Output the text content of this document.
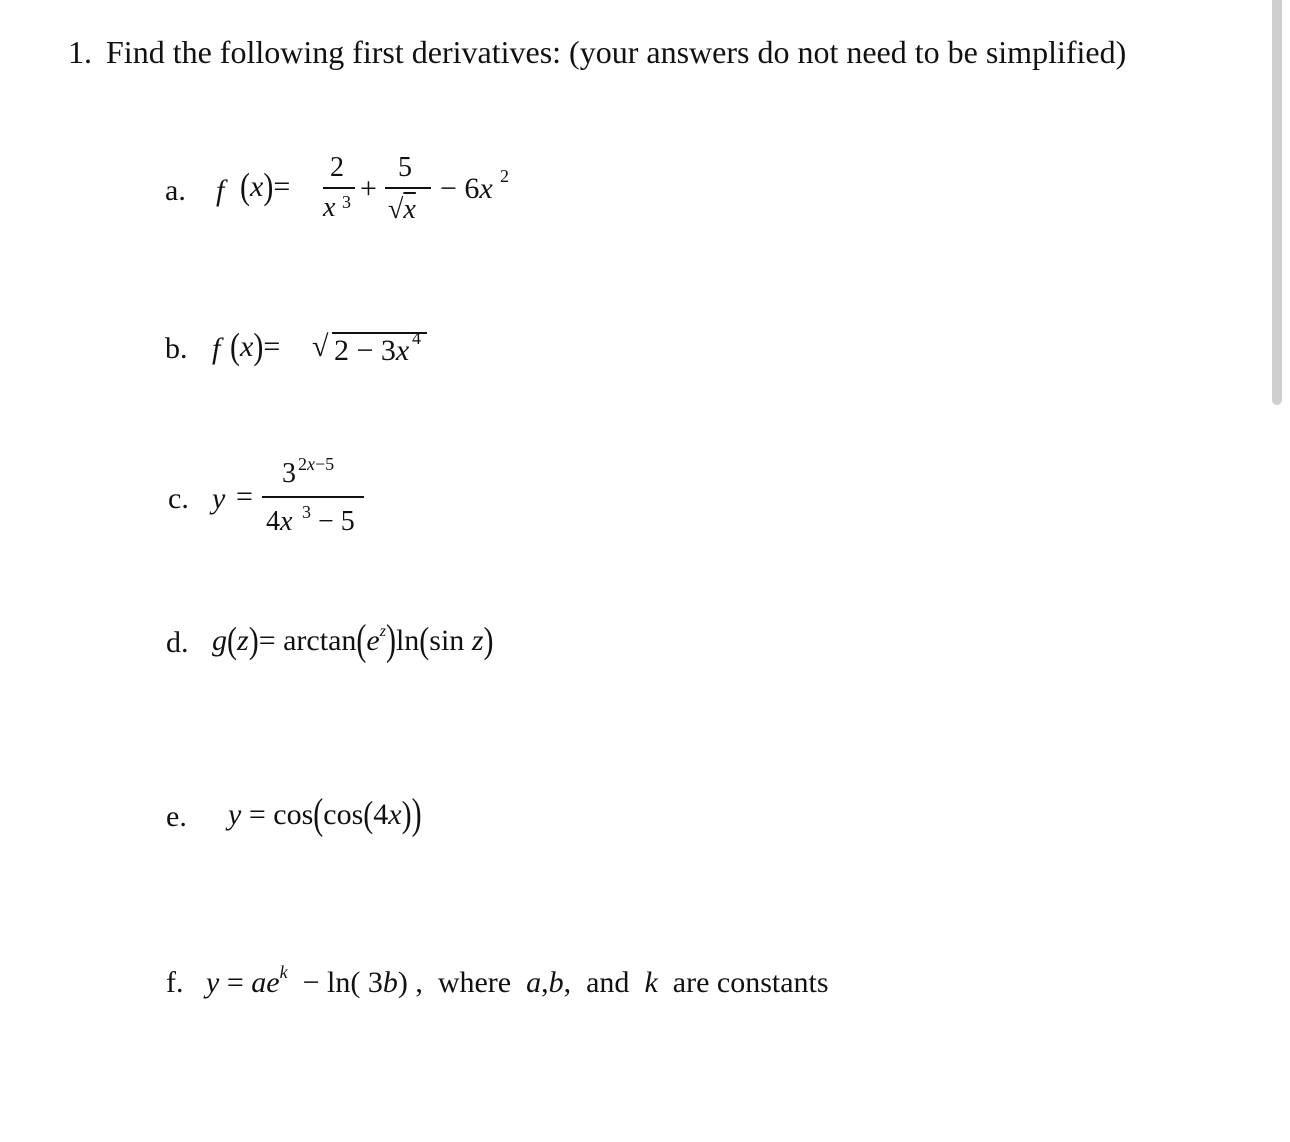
1. Find the following first derivatives: (your answers do not need to be simplified)
a. f (x)=
2
x 3 +
5
√x
− 6x 2
b. f (x)= √ 2 − 3x 4
c. y =
3 2x−5
4x 3 − 5
d. $g(z)= \arctan(e^z)\ln(\sin$ z)
e. y = cos(cos(4x))
f. $y = ae^k - \ln$( 3b) ,  where  a,b,  and  k  are constants
